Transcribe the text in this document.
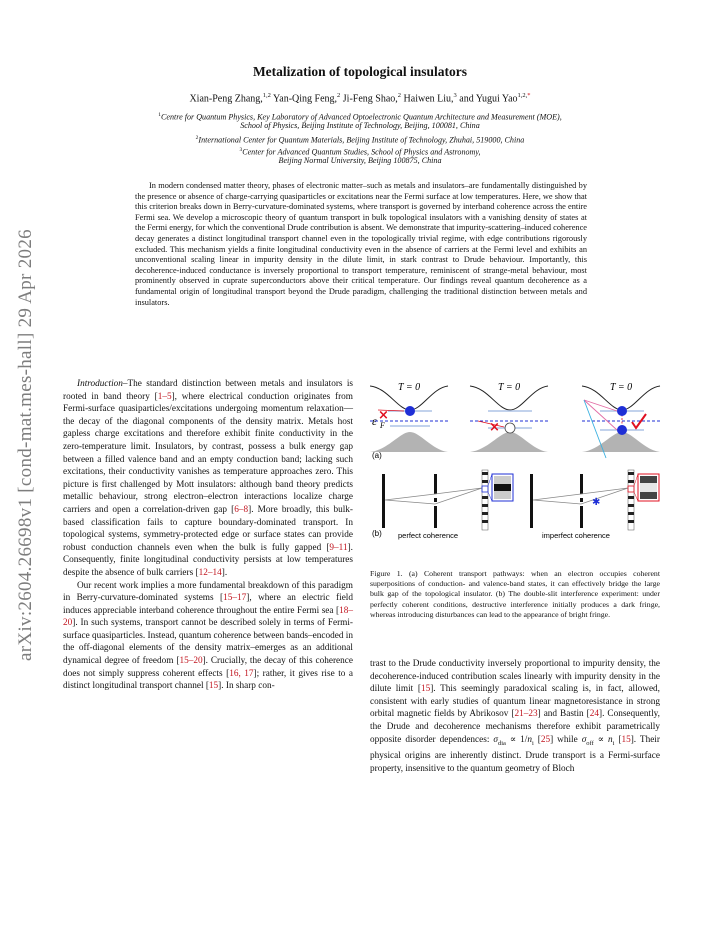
arXiv:2604.26698v1 [cond-mat.mes-hall] 29 Apr 2026
Metalization of topological insulators
Xian-Peng Zhang,$^{1,2}$ Yan-Qing Feng,$^2$ Ji-Feng Shao,$^2$ Haiwen Liu,$^3$ and Yugui Yao$^{1,2,*}$
$^1$Centre for Quantum Physics, Key Laboratory of Advanced Optoelectronic Quantum Architecture and Measurement (MOE),
School of Physics, Beijing Institute of Technology, Beijing, 100081, China
$^2$International Center for Quantum Materials, Beijing Institute of Technology, Zhuhai, 519000, China
$^3$Center for Advanced Quantum Studies, School of Physics and Astronomy,
Beijing Normal University, Beijing 100875, China
In modern condensed matter theory, phases of electronic matter–such as metals and insulators–are fundamentally distinguished by the presence or absence of charge-carrying quasiparticles or excitations near the Fermi surface at low temperatures. Here, we show that this criterion breaks down in Berry-curvature-dominated systems, where transport is governed by interband coherence across the entire Fermi sea. We develop a microscopic theory of quantum transport in bulk topological insulators with a vanishing density of states at the Fermi energy, for which the conventional Drude contribution is absent. We demonstrate that impurity-scattering–induced coherence decay generates a distinct longitudinal transport channel even in the topologically trivial regime, with edge contributions rigorously excluded. This mechanism yields a finite longitudinal conductivity even in the absence of carriers at the Fermi level and exhibits an unconventional scaling linear in impurity density in the dilute limit, in stark contrast to Drude behaviour. Importantly, this decoherence-induced conductance is inversely proportional to transport temperature, reminiscent of strange-metal behaviour, most prominently observed in cuprate superconductors above their critical temperature. Our findings reveal quantum decoherence as a fundamental origin of longitudinal transport beyond the Drude paradigm, challenging the traditional distinction between metals and insulators.

Introduction–The standard distinction between metals and insulators is rooted in band theory [1–5], where electrical conduction originates from Fermi-surface quasiparticles/excitations undergoing momentum relaxation—the decay of the diagonal components of the density matrix. Metals host gapless charge excitations and therefore exhibit finite conductivity in the zero-temperature limit. Insulators, by contrast, possess a bulk energy gap between a filled valence band and an empty conduction band; lacking such excitations, their conductivity vanishes as temperature approaches zero. This picture is first challenged by Mott insulators: although band theory predicts metallic behaviour, strong electron–electron interactions localize charge carriers and open a correlation-driven gap [6–8]. More broadly, this bulk-based classification fails to capture boundary-dominated transport. In topological systems, symmetry-protected edge or surface states can provide robust conduction channels even when the bulk is fully gapped [9–11]. Consequently, finite longitudinal conductivity persists at low temperatures despite the absence of bulk carriers [12–14].

Our recent work implies a more fundamental breakdown of this paradigm in Berry-curvature-dominated systems [15–17], where an electric field induces appreciable interband coherence throughout the entire Fermi sea [18–20]. In such systems, transport cannot be described solely in terms of Fermi-surface quasiparticles. Instead, quantum coherence between bands–encoded in the off-diagonal elements of the density matrix–emerges as an additional dynamical degree of freedom [15–20]. Crucially, the decay of this coherence does not simply suppress coherent effects [16, 17]; rather, it gives rise to a distinct longitudinal transport channel [15]. In sharp con-

T = 0
×
T = 0
×
T = 0
ε F
(a)
✱
(b) perfect coherence	imperfect coherence
Figure 1. (a) Coherent transport pathways: when an electron occupies coherent superpositions of conduction- and valence-band states, it can effectively bridge the large bulk gap of the topological insulator. (b) The double-slit interference experiment: under perfectly coherent conditions, destructive interference initially produces a dark fringe, whereas introducing disturbances can lead to the appearance of bright fringe.

trast to the Drude conductivity inversely proportional to impurity density, the decoherence-induced contribution scales linearly with impurity density in the dilute limit [15]. This seemingly paradoxical scaling is, in fact, allowed, consistent with early studies of quantum linear magnetoresistance in strong orbital magnetic fields by Abrikosov [21–23] and Bastin [24]. Consequently, the Drude and decoherence mechanisms therefore exhibit parametrically opposite disorder dependences: $\sigma_{dia} \propto 1/n_i$ [25] while $\sigma_{off} \propto n_i$ [15]. Their physical origins are inherently distinct. Drude transport is a Fermi-surface property, insensitive to the quantum geometry of Bloch
